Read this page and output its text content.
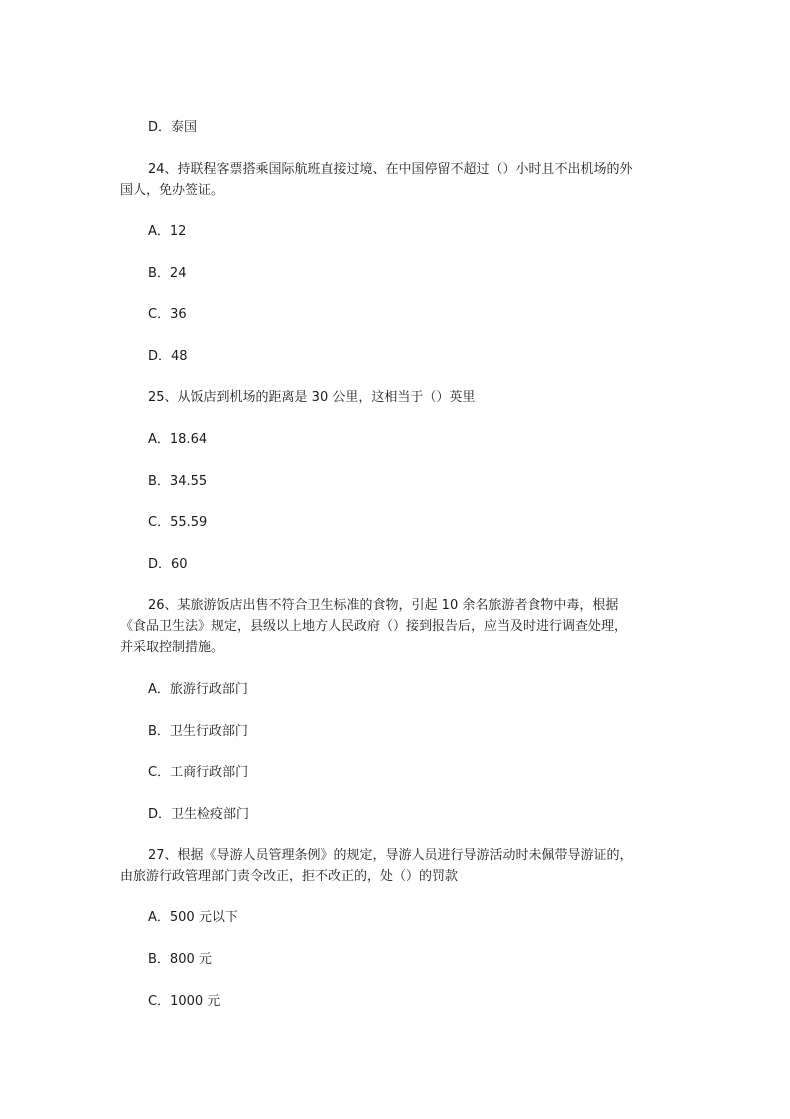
D．泰国
24、持联程客票搭乘国际航班直接过境、在中国停留不超过（）小时且不出机场的外
国人，免办签证。
A．12
B．24
C．36
D．48
25、从饭店到机场的距离是 30 公里，这相当于（）英里
A．18.64
B．34.55
C．55.59
D．60
26、某旅游饭店出售不符合卫生标准的食物，引起 10 余名旅游者食物中毒，根据
《食品卫生法》规定，县级以上地方人民政府（）接到报告后，应当及时进行调查处理，
并采取控制措施。
A．旅游行政部门
B．卫生行政部门
C．工商行政部门
D．卫生检疫部门
27、根据《导游人员管理条例》的规定，导游人员进行导游活动时未佩带导游证的，
由旅游行政管理部门责令改正，拒不改正的，处（）的罚款
A．500 元以下
B．800 元
C．1000 元
